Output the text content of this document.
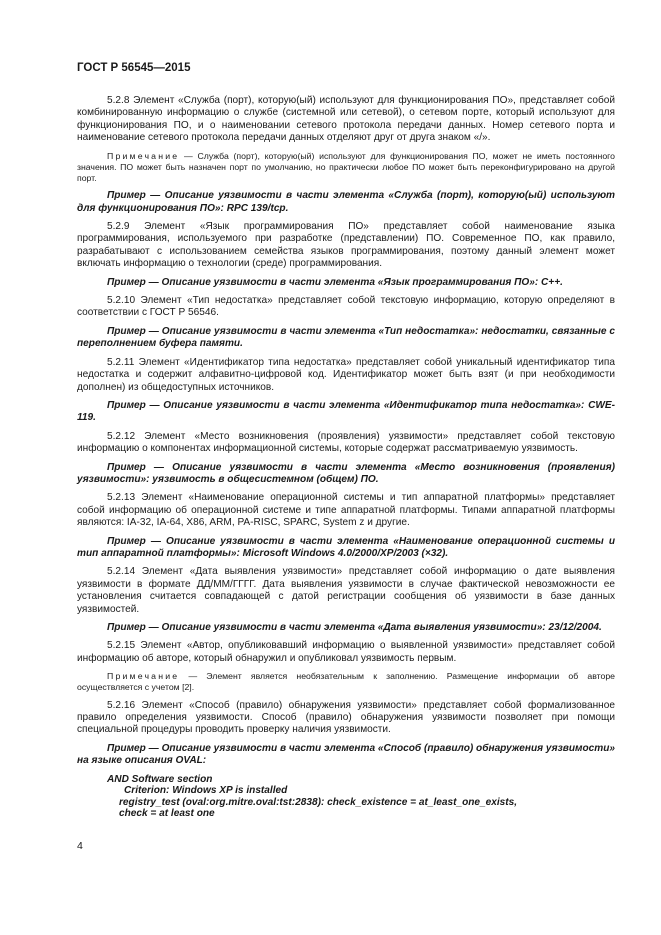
ГОСТ Р 56545—2015
5.2.8 Элемент «Служба (порт), которую(ый) используют для функционирования ПО», представляет собой комбинированную информацию о службе (системной или сетевой), о сетевом порте, который используют для функционирования ПО, и о наименовании сетевого протокола передачи данных. Номер сетевого порта и наименование сетевого протокола передачи данных отделяют друг от друга знаком «/».
Примечание — Служба (порт), которую(ый) используют для функционирования ПО, может не иметь постоянного значения. ПО может быть назначен порт по умолчанию, но практически любое ПО может быть переконфигурировано на другой порт.
Пример — Описание уязвимости в части элемента «Служба (порт), которую(ый) используют для функционирования ПО»: RPC 139/tcp.
5.2.9 Элемент «Язык программирования ПО» представляет собой наименование языка программирования, используемого при разработке (представлении) ПО. Современное ПО, как правило, разрабатывают с использованием семейства языков программирования, поэтому данный элемент может включать информацию о технологии (среде) программирования.
Пример — Описание уязвимости в части элемента «Язык программирования ПО»: C++.
5.2.10 Элемент «Тип недостатка» представляет собой текстовую информацию, которую определяют в соответствии с ГОСТ Р 56546.
Пример — Описание уязвимости в части элемента «Тип недостатка»: недостатки, связанные с переполнением буфера памяти.
5.2.11 Элемент «Идентификатор типа недостатка» представляет собой уникальный идентификатор типа недостатка и содержит алфавитно-цифровой код. Идентификатор может быть взят (и при необходимости дополнен) из общедоступных источников.
Пример — Описание уязвимости в части элемента «Идентификатор типа недостатка»: CWE-119.
5.2.12 Элемент «Место возникновения (проявления) уязвимости» представляет собой текстовую информацию о компонентах информационной системы, которые содержат рассматриваемую уязвимость.
Пример — Описание уязвимости в части элемента «Место возникновения (проявления) уязвимости»: уязвимость в общесистемном (общем) ПО.
5.2.13 Элемент «Наименование операционной системы и тип аппаратной платформы» представляет собой информацию об операционной системе и типе аппаратной платформы. Типами аппаратной платформы являются: IA-32, IA-64, X86, ARM, PA-RISC, SPARC, System z и другие.
Пример — Описание уязвимости в части элемента «Наименование операционной системы и тип аппаратной платформы»: Microsoft Windows 4.0/2000/XP/2003 (×32).
5.2.14 Элемент «Дата выявления уязвимости» представляет собой информацию о дате выявления уязвимости в формате ДД/ММ/ГГГГ. Дата выявления уязвимости в случае фактической невозможности ее установления считается совпадающей с датой регистрации сообщения об уязвимости в базе данных уязвимостей.
Пример — Описание уязвимости в части элемента «Дата выявления уязвимости»: 23/12/2004.
5.2.15 Элемент «Автор, опубликовавший информацию о выявленной уязвимости» представляет собой информацию об авторе, который обнаружил и опубликовал уязвимость первым.
Примечание — Элемент является необязательным к заполнению. Размещение информации об авторе осуществляется с учетом [2].
5.2.16 Элемент «Способ (правило) обнаружения уязвимости» представляет собой формализованное правило определения уязвимости. Способ (правило) обнаружения уязвимости позволяет при помощи специальной процедуры проводить проверку наличия уязвимости.
Пример — Описание уязвимости в части элемента «Способ (правило) обнаружения уязвимости» на языке описания OVAL:
AND Software section
Criterion: Windows XP is installed
registry_test (oval:org.mitre.oval:tst:2838): check_existence = at_least_one_exists,
check = at least one
4
